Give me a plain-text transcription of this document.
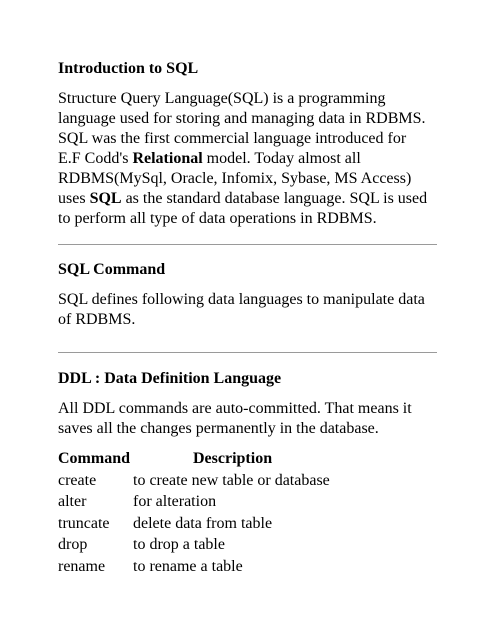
Introduction to SQL
Structure Query Language(SQL) is a programming
language used for storing and managing data in RDBMS.
SQL was the first commercial language introduced for
E.F Codd's Relational model. Today almost all
RDBMS(MySql, Oracle, Infomix, Sybase, MS Access)
uses SQL as the standard database language. SQL is used
to perform all type of data operations in RDBMS.
SQL Command
SQL defines following data languages to manipulate data
of RDBMS.
DDL : Data Definition Language
All DDL commands are auto-committed. That means it
saves all the changes permanently in the database.
Command	Description
create to create new table or database
alter	for alteration
truncate delete data from table
drop	to drop a table
rename to rename a table
